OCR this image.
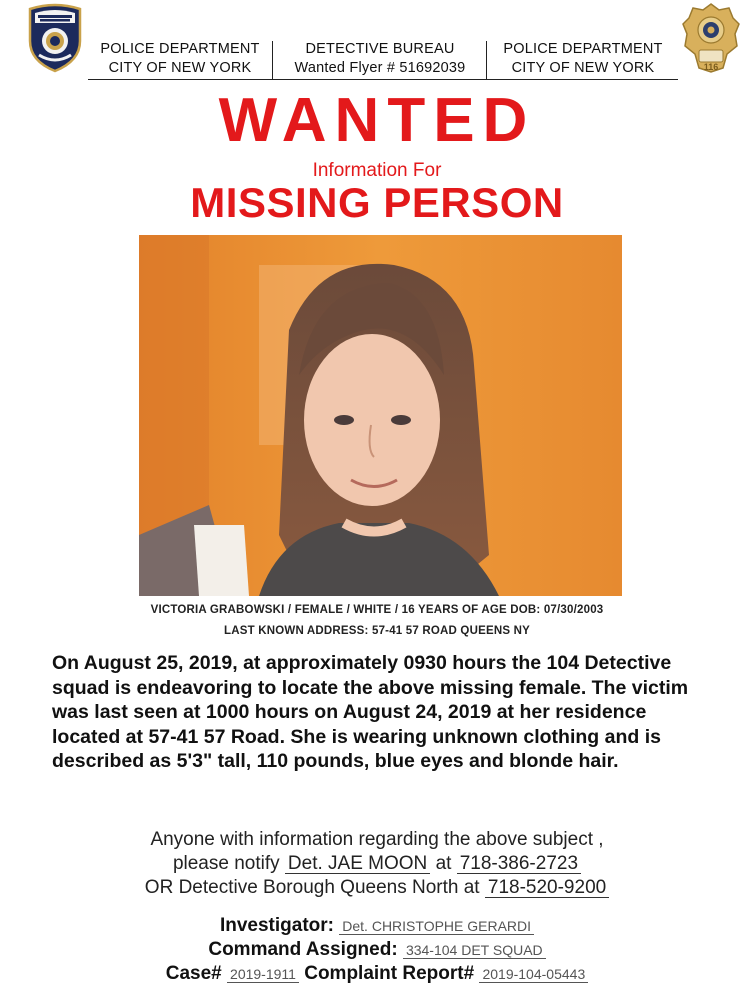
116
POLICE DEPARTMENT
CITY OF NEW YORK
DETECTIVE BUREAU
Wanted Flyer # 51692039
POLICE DEPARTMENT
CITY OF NEW YORK
WANTED
Information For
MISSING PERSON
VICTORIA GRABOWSKI / FEMALE / WHITE / 16 YEARS OF AGE DOB: 07/30/2003
LAST KNOWN ADDRESS: 57-41 57 ROAD QUEENS NY
On August 25, 2019, at approximately 0930 hours the 104 Detective
squad is endeavoring to locate the above missing female. The victim
was last seen at 1000 hours on August 24, 2019 at her residence
located at 57-41 57 Road. She is wearing unknown clothing and is
described as 5'3" tall, 110 pounds, blue eyes and blonde hair.
Anyone with information regarding the above subject ,
please notify Det. JAE MOON at 718-386-2723
OR Detective Borough Queens North at 718-520-9200
Investigator: Det. CHRISTOPHE GERARDI
Command Assigned: 334-104 DET SQUAD
Case# 2019-1911 Complaint Report# 2019-104-05443
